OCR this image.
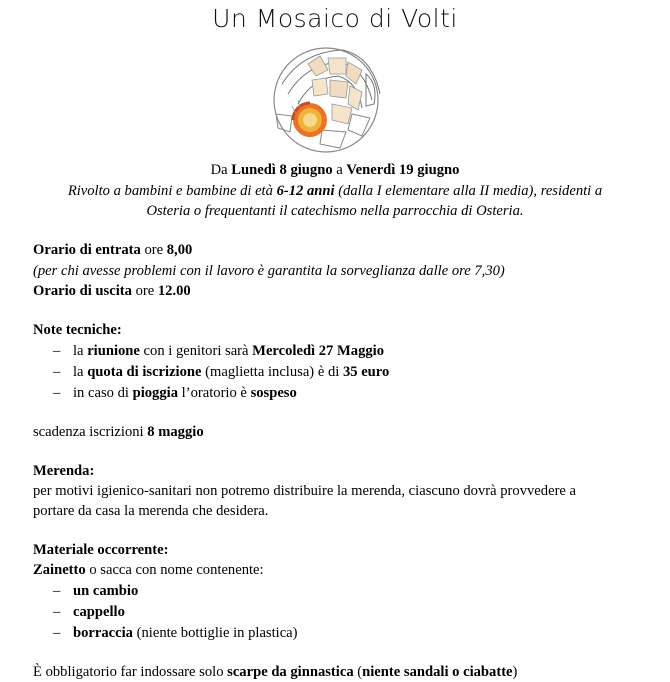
Un Mosaico di Volti
Da Lunedì 8 giugno a Venerdì 19 giugno
Rivolto a bambini e bambine di età 6-12 anni (dalla I elementare alla II media), residenti a
Osteria o frequentanti il catechismo nella parrocchia di Osteria.
Orario di entrata ore 8,00
(per chi avesse problemi con il lavoro è garantita la sorveglianza dalle ore 7,30)
Orario di uscita ore 12.00
Note tecniche:
– la riunione con i genitori sarà Mercoledì 27 Maggio
– la quota di iscrizione (maglietta inclusa) è di 35 euro
– in caso di pioggia l’oratorio è sospeso
scadenza iscrizioni 8 maggio
Merenda:
per motivi igienico-sanitari non potremo distribuire la merenda, ciascuno dovrà provvedere a
portare da casa la merenda che desidera.
Materiale occorrente:
Zainetto o sacca con nome contenente:
– un cambio
– cappello
– borraccia (niente bottiglie in plastica)
È obbligatorio far indossare solo scarpe da ginnastica (niente sandali o ciabatte)
